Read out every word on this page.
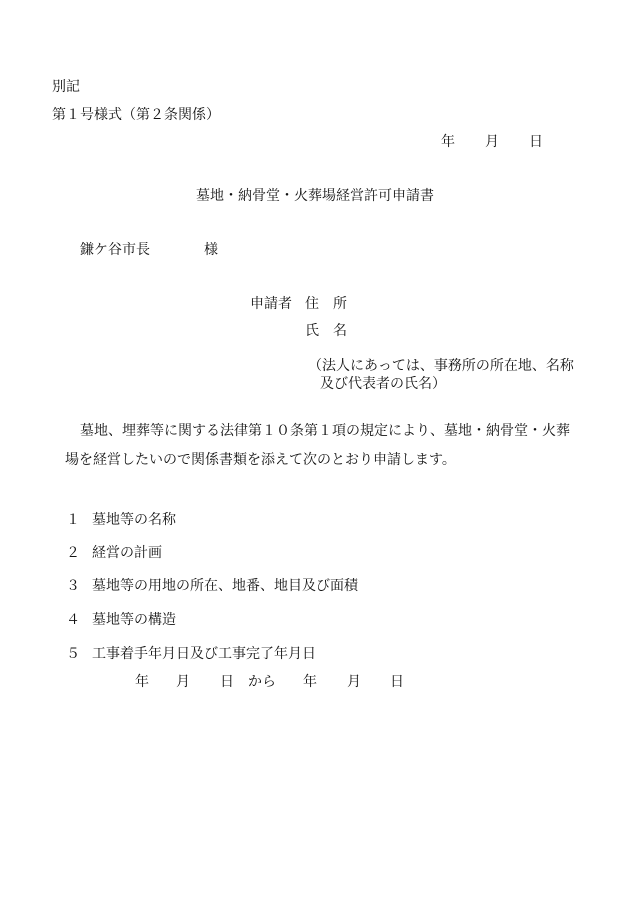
別記
第１号様式（第２条関係）
年 月 日
墓地・納骨堂・火葬場経営許可申請書
鎌ケ谷市長	様
申請者 住　所
氏　名
（法人にあっては、事務所の所在地、名称
及び代表者の氏名）
墓地、埋葬等に関する法律第１０条第１項の規定により、墓地・納骨堂・火葬
場を経営したいので関係書類を添えて次のとおり申請します。
１ 墓地等の名称
２ 経営の計画
３ 墓地等の用地の所在、地番、地目及び面積
４ 墓地等の構造
５ 工事着手年月日及び工事完了年月日
年 月 日 から 年 月 日
